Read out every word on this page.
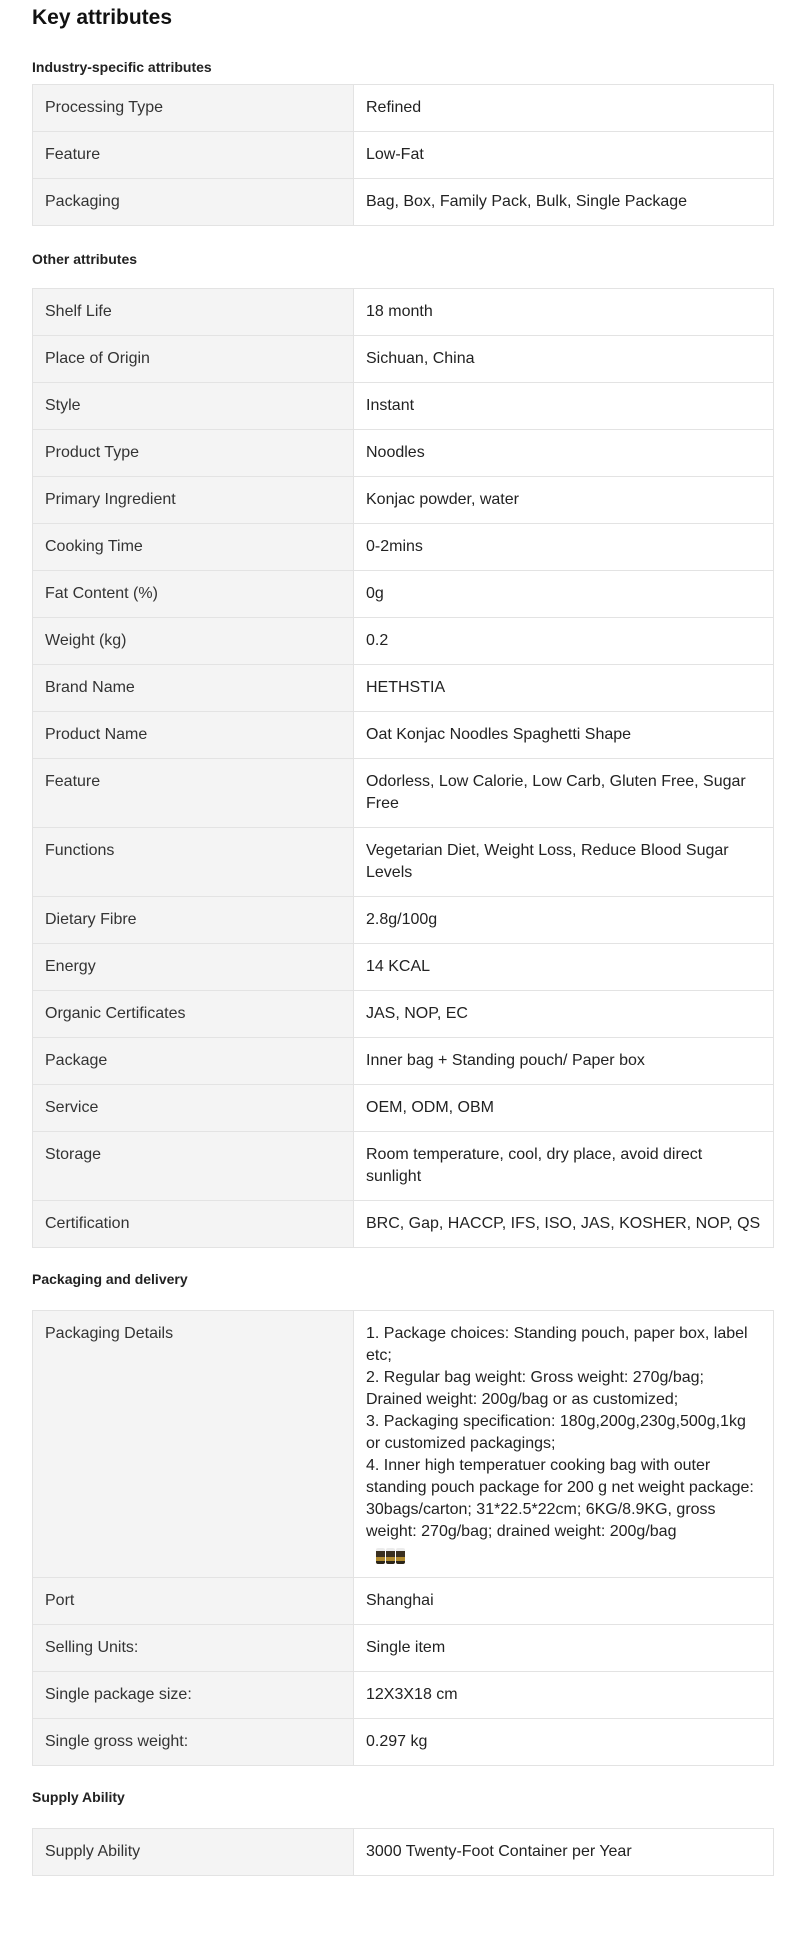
Key attributes
Industry-specific attributes
Processing Type	Refined
Feature	Low-Fat
Packaging	Bag, Box, Family Pack, Bulk, Single Package
Other attributes
Shelf Life	18 month
Place of Origin	Sichuan, China
Style	Instant
Product Type	Noodles
Primary Ingredient	Konjac powder, water
Cooking Time	0-2mins
Fat Content (%)	0g
Weight (kg)	0.2
Brand Name	HETHSTIA
Product Name	Oat Konjac Noodles Spaghetti Shape
Feature	Odorless, Low Calorie, Low Carb, Gluten Free, Sugar Free
Functions	Vegetarian Diet, Weight Loss, Reduce Blood Sugar Levels
Dietary Fibre	2.8g/100g
Energy	14 KCAL
Organic Certificates	JAS, NOP, EC
Package	Inner bag + Standing pouch/ Paper box
Service	OEM, ODM, OBM
Storage	Room temperature, cool, dry place, avoid direct sunlight
Certification	BRC, Gap, HACCP, IFS, ISO, JAS, KOSHER, NOP, QS
Packaging and delivery
Packaging Details	1. Package choices: Standing pouch, paper box, label etc;
2. Regular bag weight: Gross weight: 270g/bag; Drained weight: 200g/bag or as customized;
3. Packaging specification: 180g,200g,230g,500g,1kg or customized packagings;
4. Inner high temperatuer cooking bag with outer standing pouch package for 200 g net weight package: 30bags/carton; 31*22.5*22cm; 6KG/8.9KG, gross weight: 270g/bag; drained weight: 200g/bag

Port	Shanghai
Selling Units:	Single item
Single package size:	12X3X18 cm
Single gross weight:	0.297 kg
Supply Ability
Supply Ability	3000 Twenty-Foot Container per Year
